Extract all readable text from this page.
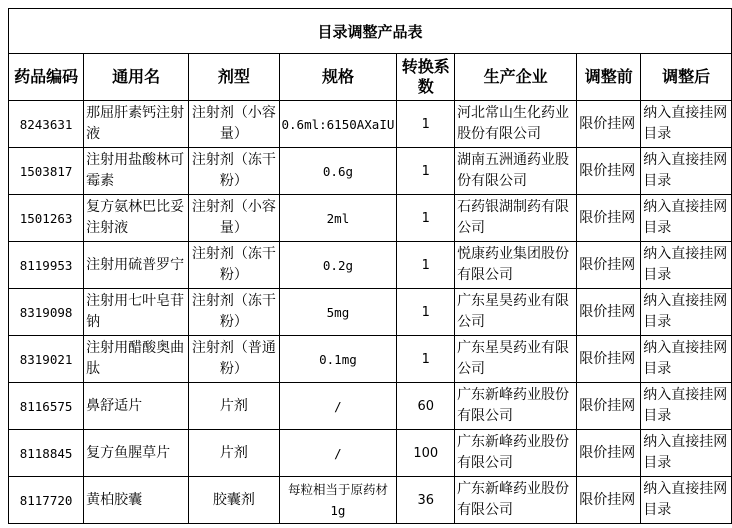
目录调整产品表							
药品编码	通用名	剂型	规格	转换系数	生产企业	调整前	调整后
8243631	那屈肝素钙注射液	注射剂（小容量）	0.6ml:6150AXaIU	1	河北常山生化药业股份有限公司	限价挂网	纳入直接挂网目录
1503817	注射用盐酸林可霉素	注射剂（冻干粉）	0.6g	1	湖南五洲通药业股份有限公司	限价挂网	纳入直接挂网目录
1501263	复方氨林巴比妥注射液	注射剂（小容量）	2ml	1	石药银湖制药有限公司	限价挂网	纳入直接挂网目录
8119953	注射用硫普罗宁	注射剂（冻干粉）	0.2g	1	悦康药业集团股份有限公司	限价挂网	纳入直接挂网目录
8319098	注射用七叶皂苷钠	注射剂（冻干粉）	5mg	1	广东星昊药业有限公司	限价挂网	纳入直接挂网目录
8319021	注射用醋酸奥曲肽	注射剂（普通粉）	0.1mg	1	广东星昊药业有限公司	限价挂网	纳入直接挂网目录
8116575	鼻舒适片	片剂	/	60	广东新峰药业股份有限公司	限价挂网	纳入直接挂网目录
8118845	复方鱼腥草片	片剂	/	100	广东新峰药业股份有限公司	限价挂网	纳入直接挂网目录
8117720	黄柏胶囊	胶囊剂	每粒相当于原药材1g	36	广东新峰药业股份有限公司	限价挂网	纳入直接挂网目录
